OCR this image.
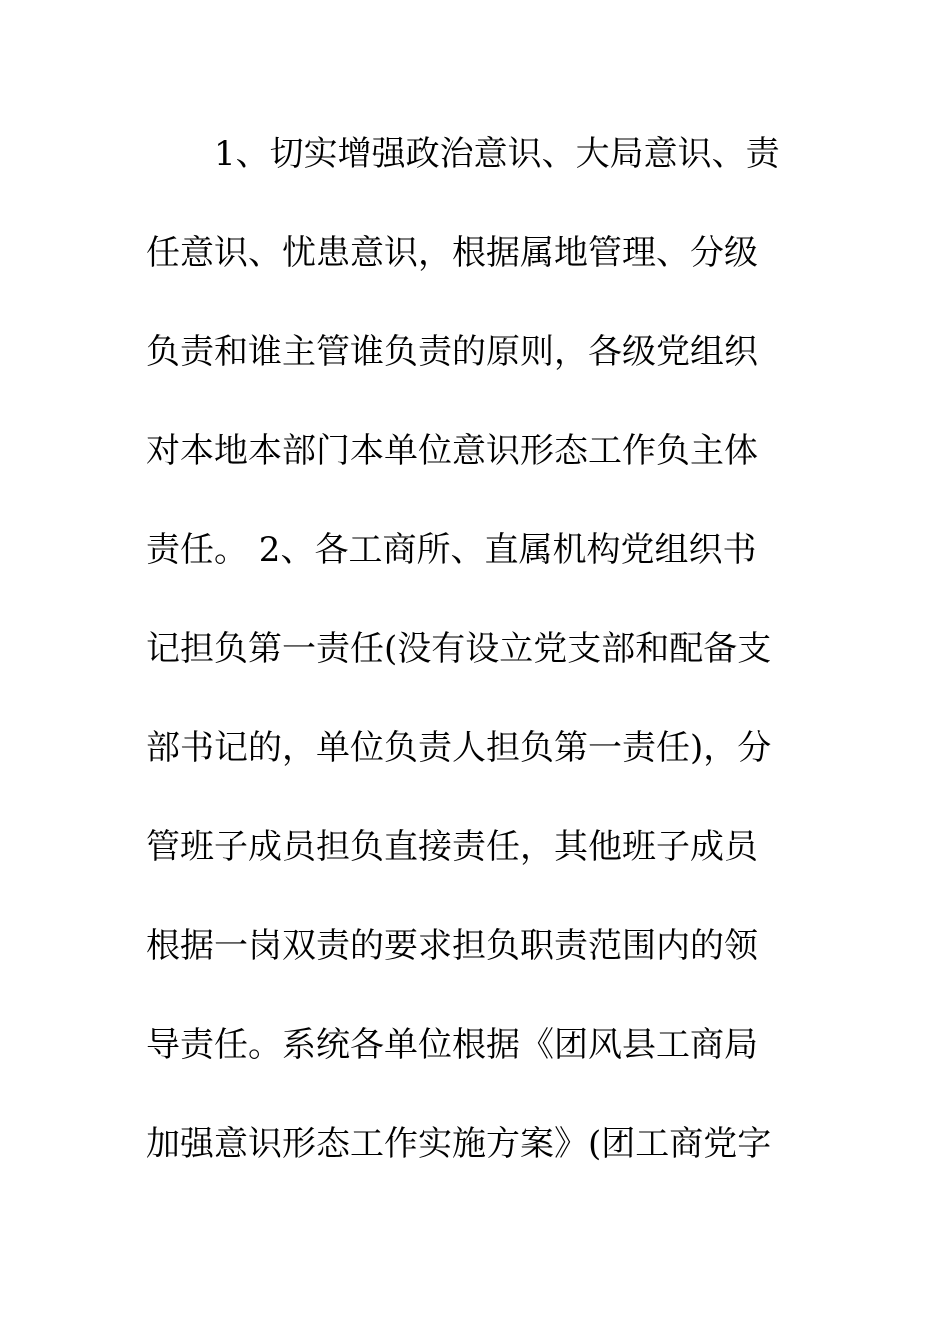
　　1、切实增强政治意识、大局意识、责
任意识、忧患意识，根据属地管理、分级
负责和谁主管谁负责的原则，各级党组织
对本地本部门本单位意识形态工作负主体
责任。 2、各工商所、直属机构党组织书
记担负第一责任(没有设立党支部和配备支
部书记的，单位负责人担负第一责任)，分
管班子成员担负直接责任，其他班子成员
根据一岗双责的要求担负职责范围内的领
导责任。系统各单位根据《团风县工商局
加强意识形态工作实施方案》(团工商党字
